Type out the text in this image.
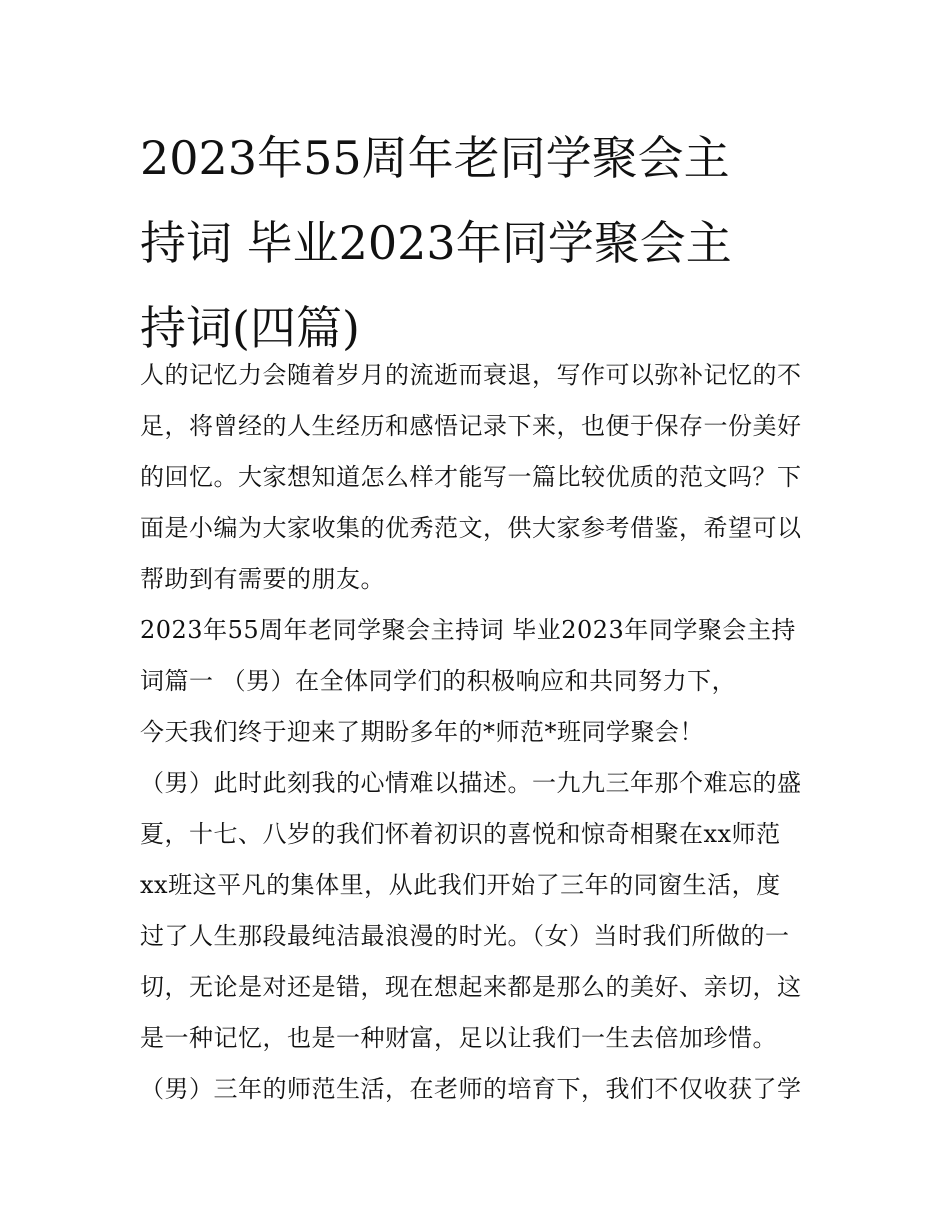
2023年55周年老同学聚会主
持词 毕业2023年同学聚会主
持词(四篇)
人的记忆力会随着岁月的流逝而衰退，写作可以弥补记忆的不
足，将曾经的人生经历和感悟记录下来，也便于保存一份美好
的回忆。大家想知道怎么样才能写一篇比较优质的范文吗？下
面是小编为大家收集的优秀范文，供大家参考借鉴，希望可以
帮助到有需要的朋友。
2023年55周年老同学聚会主持词 毕业2023年同学聚会主持
词篇一 （男）在全体同学们的积极响应和共同努力下，
今天我们终于迎来了期盼多年的*师范*班同学聚会！
（男）此时此刻我的心情难以描述。一九九三年那个难忘的盛
夏，十七、八岁的我们怀着初识的喜悦和惊奇相聚在xx师范
xx班这平凡的集体里，从此我们开始了三年的同窗生活，度
过了人生那段最纯洁最浪漫的时光。（女）当时我们所做的一
切，无论是对还是错，现在想起来都是那么的美好、亲切，这
是一种记忆，也是一种财富，足以让我们一生去倍加珍惜。
（男）三年的师范生活，在老师的培育下，我们不仅收获了学
